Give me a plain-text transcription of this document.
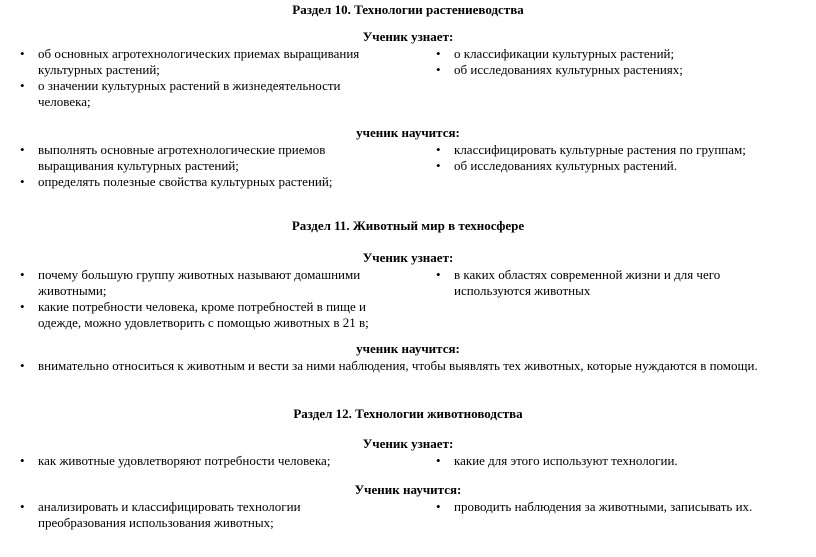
Раздел 10. Технологии растениеводства
Ученик узнает:
• об основных агротехнологических приемах выращивания культурных растений;
• о значении культурных растений в жизнедеятельности человека;
• о классификации культурных растений;
• об исследованиях культурных растениях;
ученик научится:
• выполнять основные агротехнологические приемов выращивания культурных растений;
• определять полезные свойства культурных растений;
• классифицировать культурные растения по группам;
• об исследованиях культурных растений.
Раздел 11. Животный мир в техносфере
Ученик узнает:
• почему большую группу животных называют домашними животными;
• какие потребности человека, кроме потребностей в пище и одежде, можно удовлетворить с помощью животных в 21 в;
• в каких областях современной жизни и для чего используются животных
ученик научится:
• внимательно относиться к животным и вести за ними наблюдения, чтобы выявлять тех животных, которые нуждаются в помощи.
Раздел 12. Технологии животноводства
Ученик узнает:
• как животные удовлетворяют потребности человека;
•	какие для этого используют технологии.
Ученик научится:
• анализировать и классифицировать технологии преобразования использования животных;
• проводить наблюдения за животными, записывать их.
